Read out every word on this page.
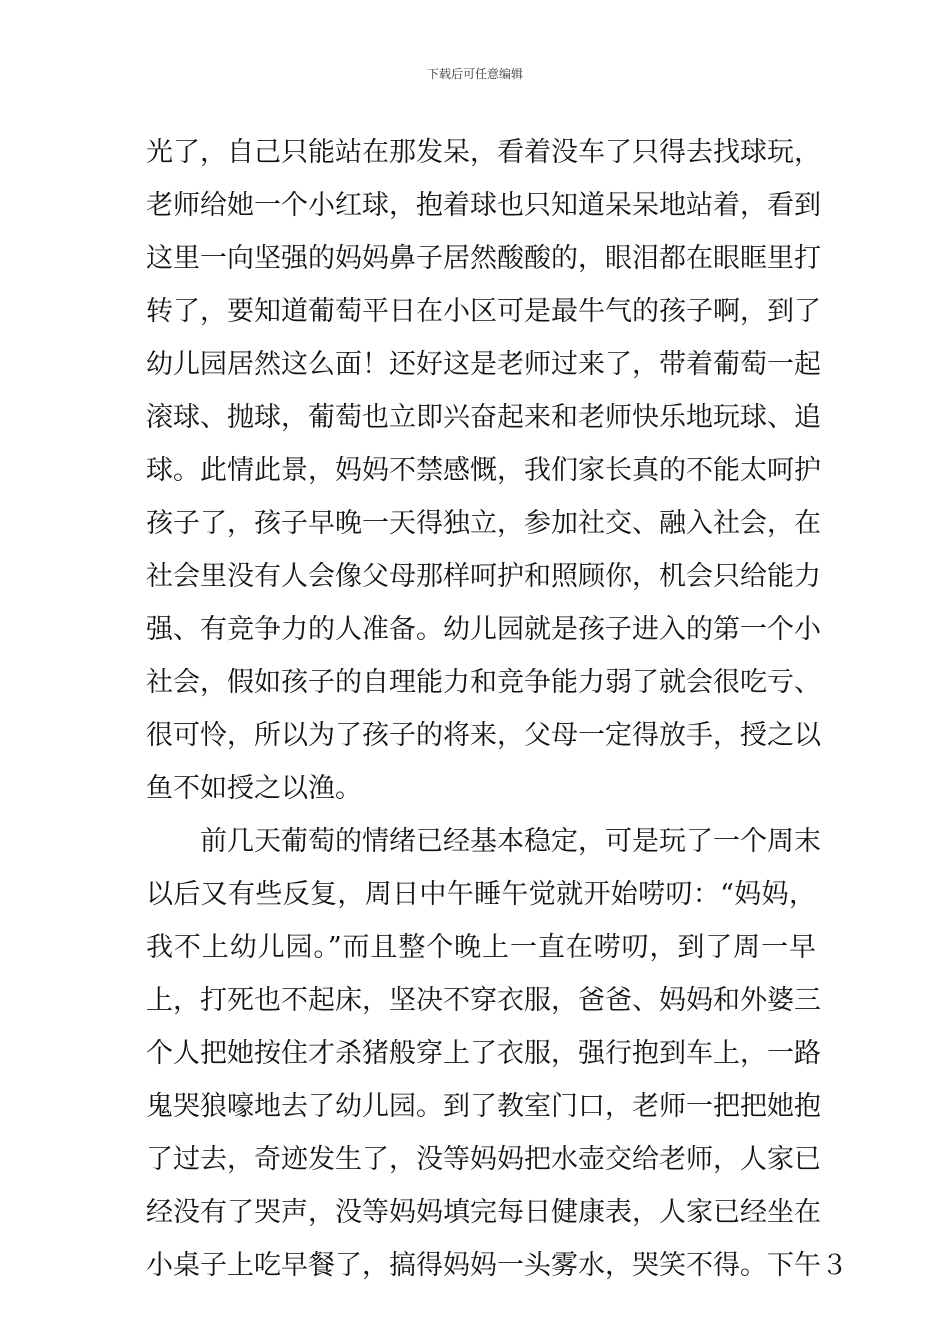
下载后可任意编辑
光了，自己只能站在那发呆，看着没车了只得去找球玩，
老师给她一个小红球，抱着球也只知道呆呆地站着，看到
这里一向坚强的妈妈鼻子居然酸酸的，眼泪都在眼眶里打
转了，要知道葡萄平日在小区可是最牛气的孩子啊，到了
幼儿园居然这么面！还好这是老师过来了，带着葡萄一起
滚球、抛球，葡萄也立即兴奋起来和老师快乐地玩球、追
球。此情此景，妈妈不禁感慨，我们家长真的不能太呵护
孩子了，孩子早晚一天得独立，参加社交、融入社会，在
社会里没有人会像父母那样呵护和照顾你，机会只给能力
强、有竞争力的人准备。幼儿园就是孩子进入的第一个小
社会，假如孩子的自理能力和竞争能力弱了就会很吃亏、
很可怜，所以为了孩子的将来，父母一定得放手，授之以
鱼不如授之以渔。
前几天葡萄的情绪已经基本稳定，可是玩了一个周末
以后又有些反复，周日中午睡午觉就开始唠叨：“妈妈，
我不上幼儿园。”而且整个晚上一直在唠叨，到了周一早
上，打死也不起床，坚决不穿衣服，爸爸、妈妈和外婆三
个人把她按住才杀猪般穿上了衣服，强行抱到车上，一路
鬼哭狼嚎地去了幼儿园。到了教室门口，老师一把把她抱
了过去，奇迹发生了，没等妈妈把水壶交给老师，人家已
经没有了哭声，没等妈妈填完每日健康表，人家已经坐在
小桌子上吃早餐了，搞得妈妈一头雾水，哭笑不得。下午３
